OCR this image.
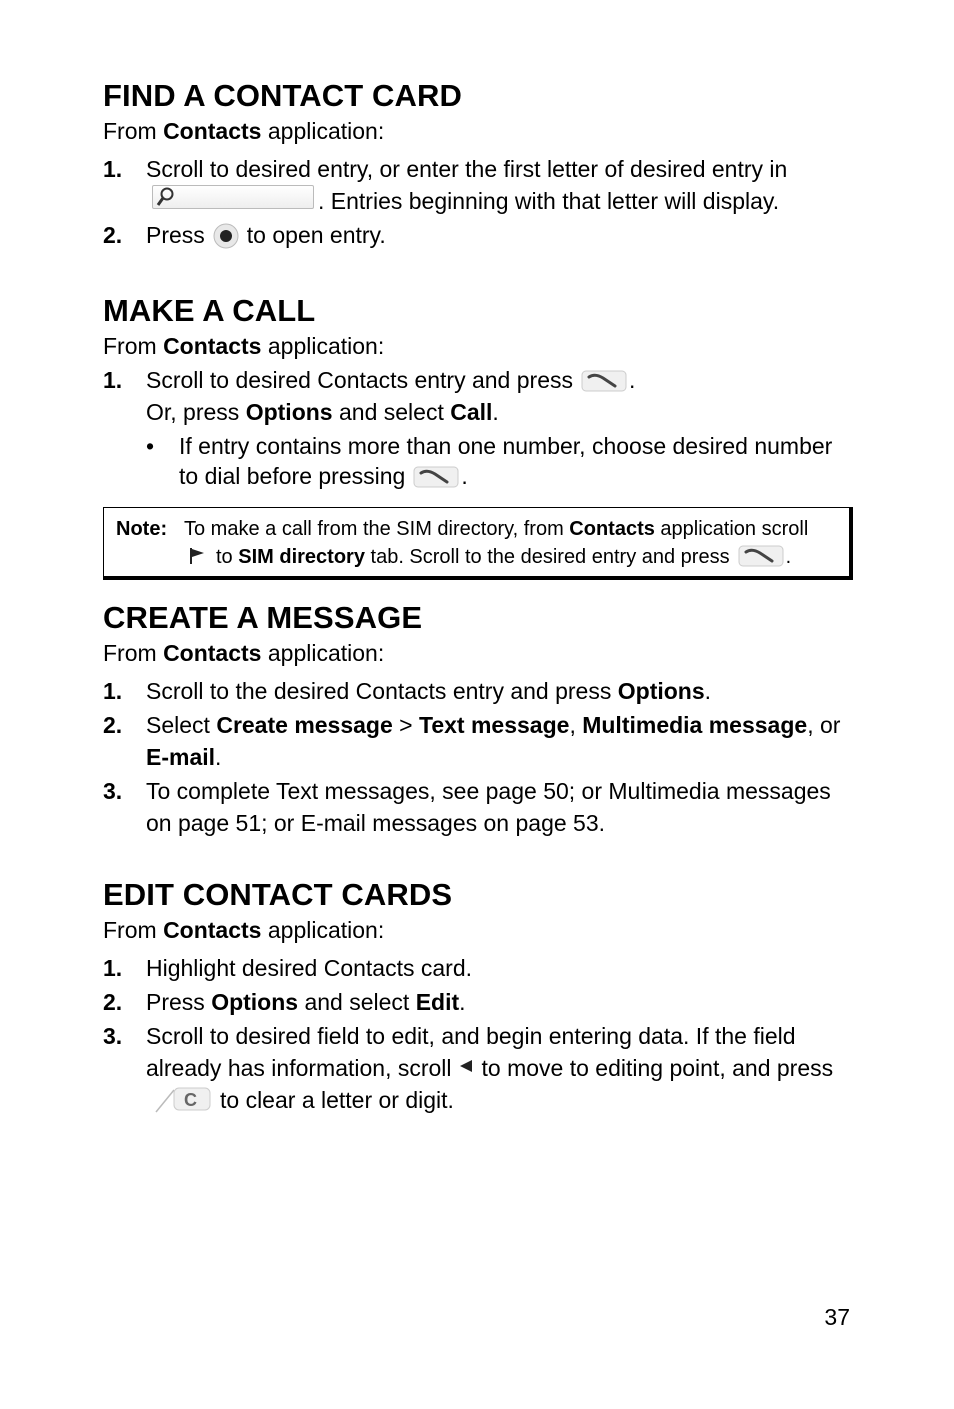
FIND A CONTACT CARD

From Contacts application:

1. Scroll to desired entry, or enter the first letter of desired entry in
. Entries beginning with that letter will display.
2. Press to open entry.
MAKE A CALL

From Contacts application:

1. Scroll to desired Contacts entry and press .
Or, press Options and select Call.
• If entry contains more than one number, choose desired number to dial before pressing .
Note: To make a call from the SIM directory, from Contacts application scrollto SIM directory tab. Scroll to the desired entry and press	.
CREATE A MESSAGE

From Contacts application:

1. Scroll to the desired Contacts entry and press Options.
2. Select Create message > Text message, Multimedia message, or E-mail.
3. To complete Text messages, see page 50; or Multimedia messages on page 51; or E-mail messages on page 53.
EDIT CONTACT CARDS

From Contacts application:

1. Highlight desired Contacts card.
2. Press Options and select Edit.
3. Scroll to desired field to edit, and begin entering data. If the field already has information, scroll to move to editing point, and press
C to clear a letter or digit.
37
